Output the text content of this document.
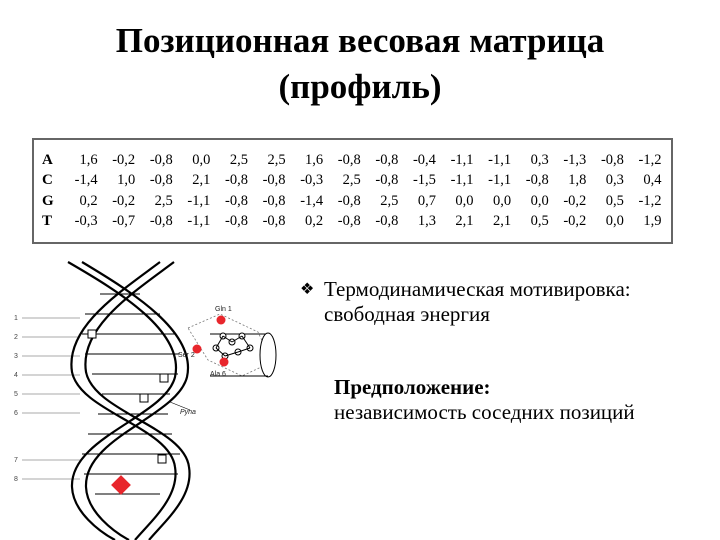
Позиционная весовая матрица
(профиль)
A	1,6	-0,2	-0,8	0,0	2,5	2,5	1,6	-0,8	-0,8	-0,4	-1,1	-1,1	0,3	-1,3	-0,8	-1,2
C	-1,4	1,0	-0,8	2,1	-0,8	-0,8	-0,3	2,5	-0,8	-1,5	-1,1	-1,1	-0,8	1,8	0,3	0,4
G	0,2	-0,2	2,5	-1,1	-0,8	-0,8	-1,4	-0,8	2,5	0,7	0,0	0,0	0,0	-0,2	0,5	-1,2
T	-0,3	-0,7	-0,8	-1,1	-0,8	-0,8	0,2	-0,8	-0,8	1,3	2,1	2,1	0,5	-0,2	0,0	1,9
❖ Термодинамическая мотивировка:
свободная энергия
Предположение:
независимость соседних позиций
1
2
3
4
5
6
7
8
Gln 1
Ser 2
Ala 6
Pyna
